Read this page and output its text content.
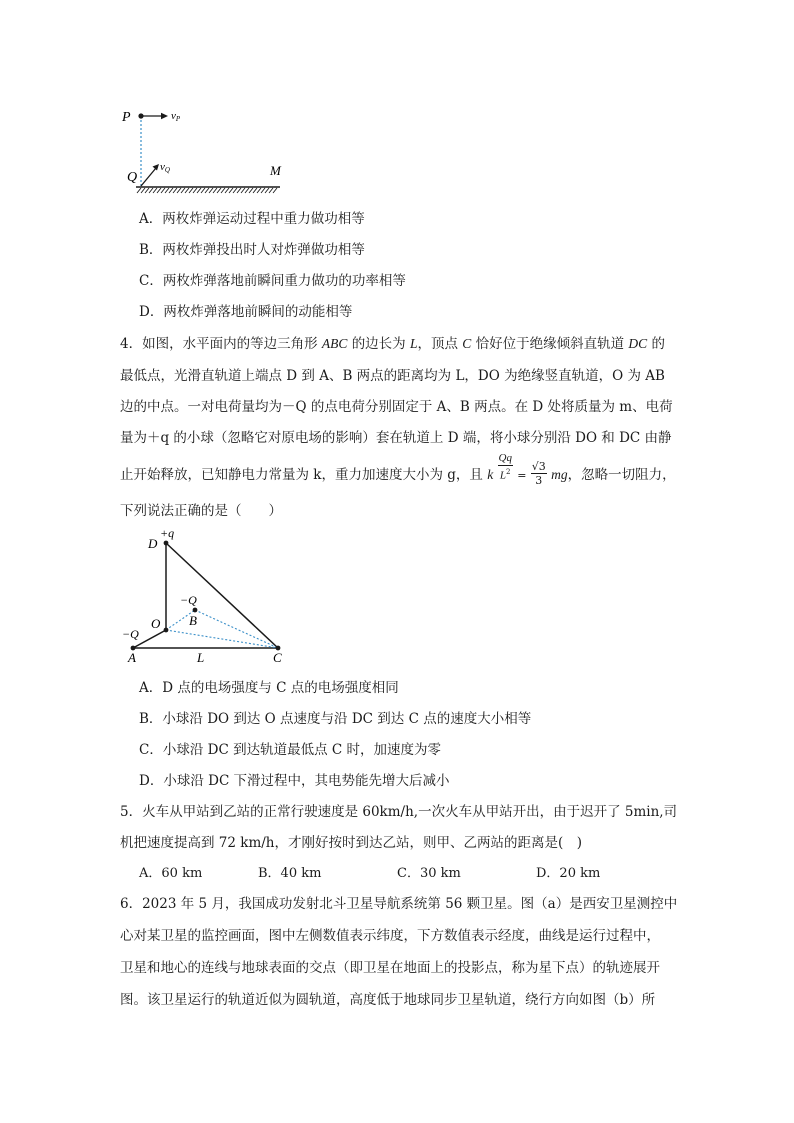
P	vP
vQ
Q	M
A．两枚炸弹运动过程中重力做功相等
B．两枚炸弹投出时人对炸弹做功相等
C．两枚炸弹落地前瞬间重力做功的功率相等
D．两枚炸弹落地前瞬间的动能相等
4．如图，水平面内的等边三角形 ABC 的边长为 L，顶点 C 恰好位于绝缘倾斜直轨道 DC 的
最低点，光滑直轨道上端点 D 到 A、B 两点的距离均为 L，DO 为绝缘竖直轨道，O 为 AB
边的中点。一对电荷量均为－Q 的点电荷分别固定于 A、B 两点。在 D 处将质量为 m、电荷
量为＋q 的小球（忽略它对原电场的影响）套在轨道上 D 端，将小球分别沿 DO 和 DC 由静
止开始释放，已知静电力常量为 k，重力加速度大小为 g，且 k $\frac{Qq}{L^2} = \frac{√3}{3}$ mg，忽略一切阻力，
下列说法正确的是（　　）
D
+q
−Q
B
O
−Q
A	L	C
A．D 点的电场强度与 C 点的电场强度相同
B．小球沿 DO 到达 O 点速度与沿 DC 到达 C 点的速度大小相等
C．小球沿 DC 到达轨道最低点 C 时，加速度为零
D．小球沿 DC 下滑过程中，其电势能先增大后减小
5．火车从甲站到乙站的正常行驶速度是 60km/h,一次火车从甲站开出，由于迟开了 5min,司
机把速度提高到 72 km/h，才刚好按时到达乙站，则甲、乙两站的距离是(　)
A．60 km	B．40 km	C．30 km	D．20 km
6．2023 年 5 月，我国成功发射北斗卫星导航系统第 56 颗卫星。图（a）是西安卫星测控中
心对某卫星的监控画面，图中左侧数值表示纬度，下方数值表示经度，曲线是运行过程中，
卫星和地心的连线与地球表面的交点（即卫星在地面上的投影点，称为星下点）的轨迹展开
图。该卫星运行的轨道近似为圆轨道，高度低于地球同步卫星轨道，绕行方向如图（b）所
